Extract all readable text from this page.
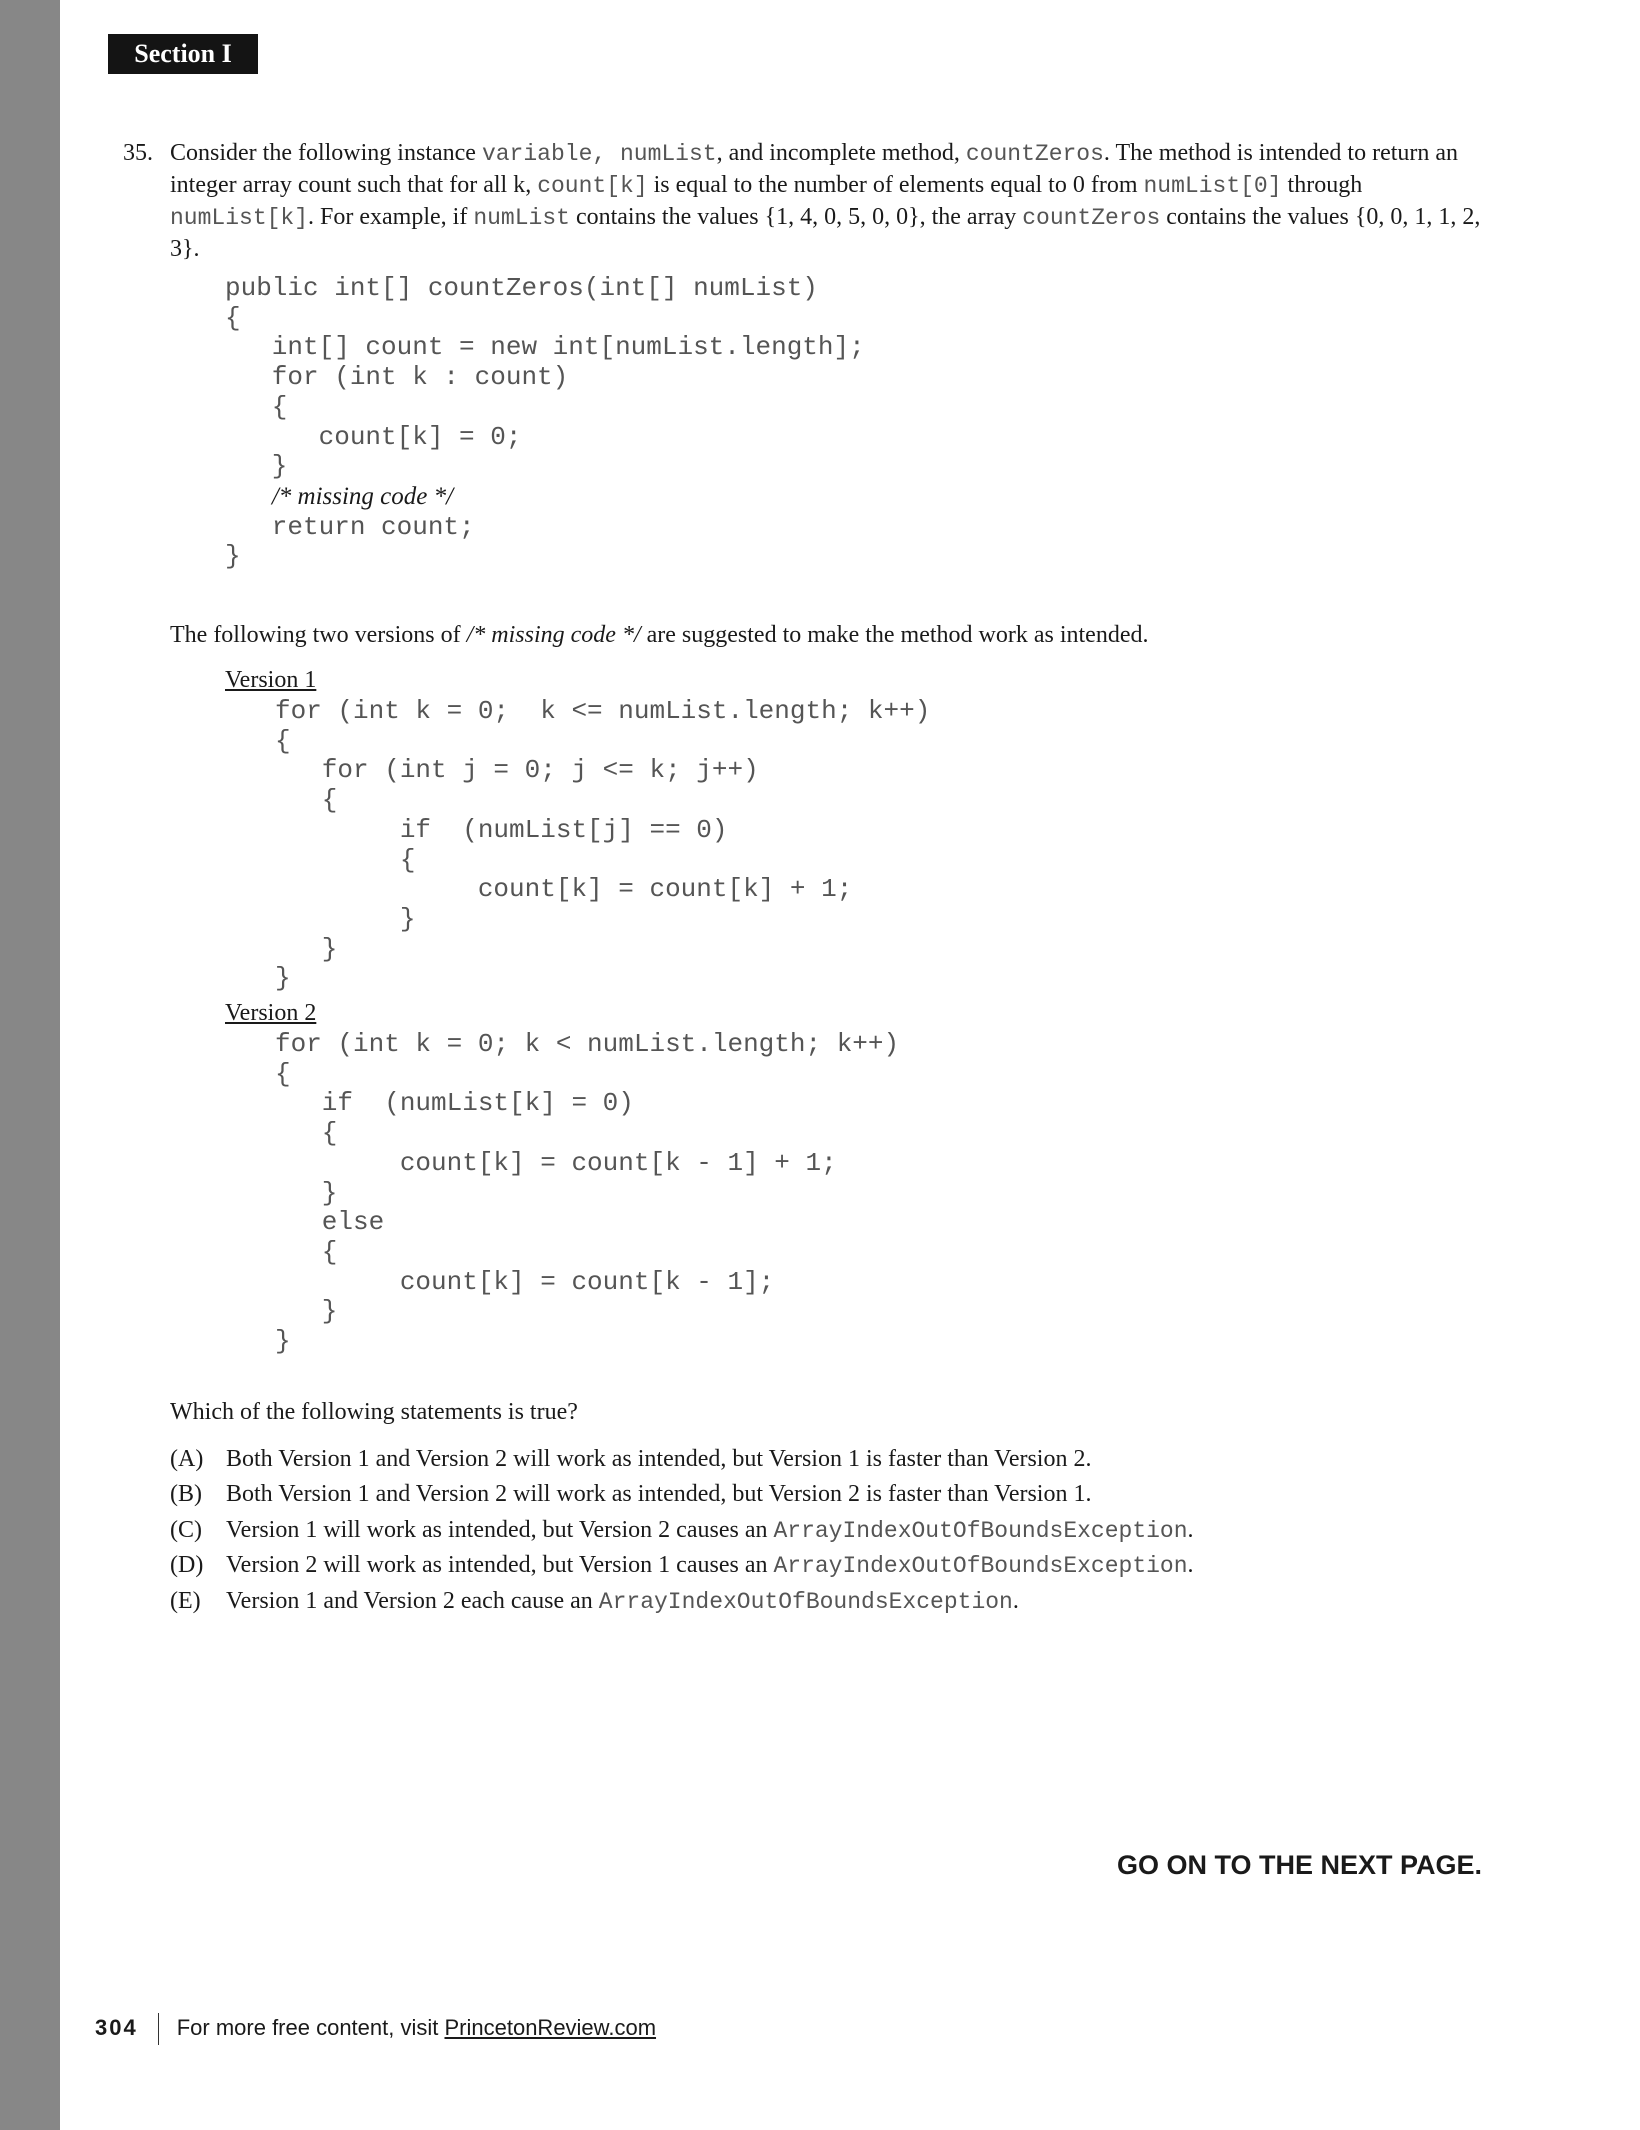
Section I
35. Consider the following instance variable, numList, and incomplete method, countZeros. The method is intended to return an integer array count such that for all k, count[k] is equal to the number of elements equal to 0 from numList[0] through numList[k]. For example, if numList contains the values {1, 4, 0, 5, 0, 0}, the array countZeros contains the values {0, 0, 1, 1, 2, 3}.
public int[] countZeros(int[] numList)
{
int[] count = new int[numList.length];
for (int k : count)
{
count[k] = 0;
}
/* missing code */
return count;
}
The following two versions of /* missing code */ are suggested to make the method work as intended.
Version 1
for (int k = 0;  k <= numList.length; k++)
{
for (int j = 0; j <= k; j++)
{
if  (numList[j] == 0)
{
count[k] = count[k] + 1;
}
}
}
Version 2
for (int k = 0; k < numList.length; k++)
{
if  (numList[k] = 0)
{
count[k] = count[k - 1] + 1;
}
else
{
count[k] = count[k - 1];
}
}
Which of the following statements is true?
(A) Both Version 1 and Version 2 will work as intended, but Version 1 is faster than Version 2.
(B) Both Version 1 and Version 2 will work as intended, but Version 2 is faster than Version 1.
(C) Version 1 will work as intended, but Version 2 causes an ArrayIndexOutOfBoundsException.
(D) Version 2 will work as intended, but Version 1 causes an ArrayIndexOutOfBoundsException.
(E) Version 1 and Version 2 each cause an ArrayIndexOutOfBoundsException.
GO ON TO THE NEXT PAGE.
304 For more free content, visit PrincetonReview.com
